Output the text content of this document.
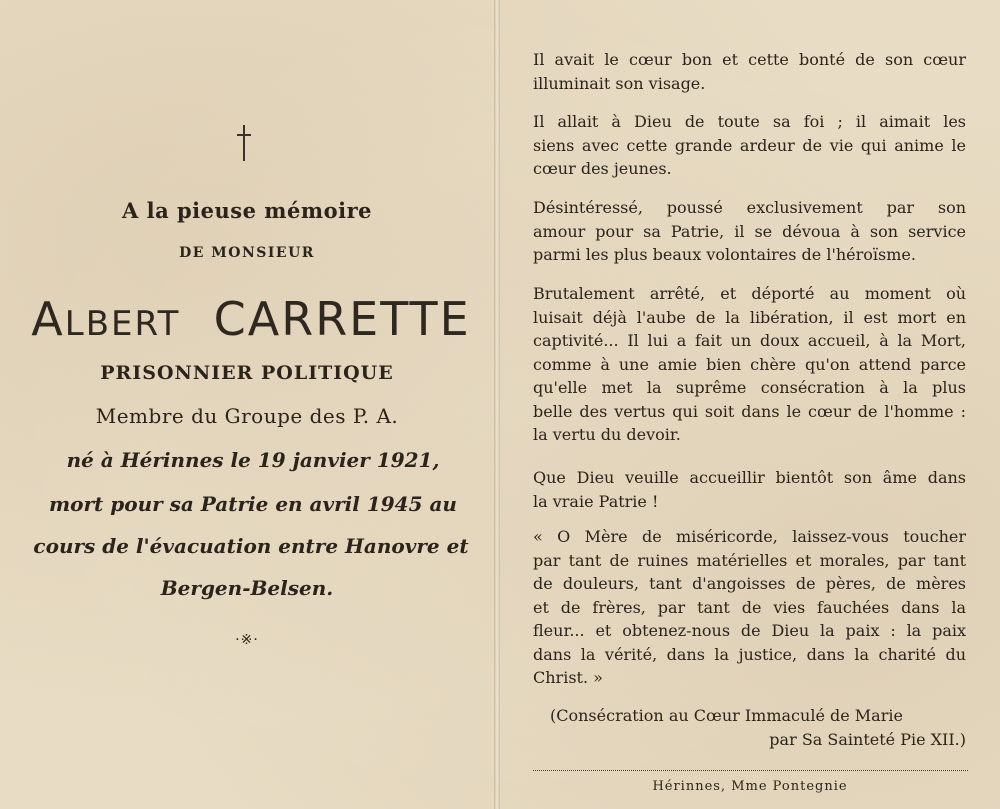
A la pieuse mémoire
DE MONSIEUR
ALBERT CARRETTE
PRISONNIER POLITIQUE
Membre du Groupe des P. A.
né à Hérinnes le 19 janvier 1921,
mort pour sa Patrie en avril 1945 au
cours de l'évacuation entre Hanovre et
Bergen-Belsen.
·※·
Il avait le cœur bon et cette bonté de son cœur
illuminait son visage.
Il allait à Dieu de toute sa foi ; il aimait les
siens avec cette grande ardeur de vie qui anime le
cœur des jeunes.
Désintéressé, poussé exclusivement par son
amour pour sa Patrie, il se dévoua à son service
parmi les plus beaux volontaires de l'héroïsme.
Brutalement arrêté, et déporté au moment où
luisait déjà l'aube de la libération, il est mort en
captivité... Il lui a fait un doux accueil, à la Mort,
comme à une amie bien chère qu'on attend parce
qu'elle met la suprême consécration à la plus
belle des vertus qui soit dans le cœur de l'homme :
la vertu du devoir.
Que Dieu veuille accueillir bientôt son âme dans
la vraie Patrie !
« O Mère de miséricorde, laissez-vous toucher
par tant de ruines matérielles et morales, par tant
de douleurs, tant d'angoisses de pères, de mères
et de frères, par tant de vies fauchées dans la
fleur... et obtenez-nous de Dieu la paix : la paix
dans la vérité, dans la justice, dans la charité du
Christ. »
(Consécration au Cœur Immaculé de Marie
par Sa Sainteté Pie XII.)
Hérinnes, Mme Pontegnie
